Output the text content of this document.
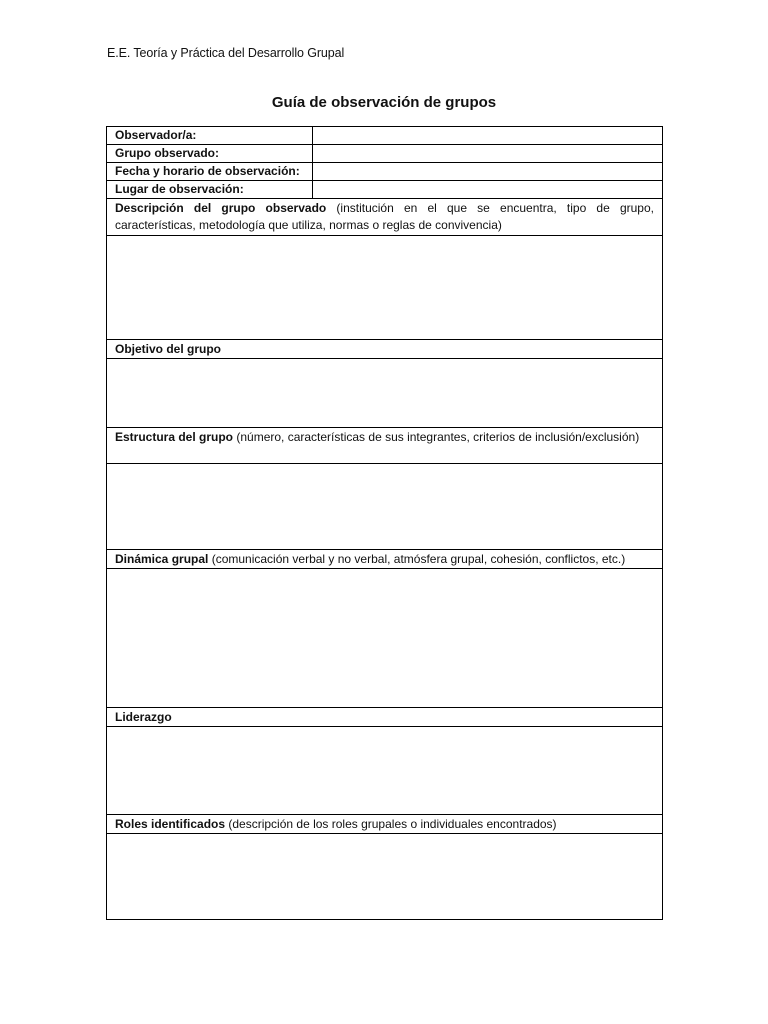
E.E. Teoría y Práctica del Desarrollo Grupal
Guía de observación de grupos
Observador/a:	
Grupo observado:	
Fecha y horario de observación:	
Lugar de observación:	
Descripción del grupo observado (institución en el que se encuentra, tipo de grupo, características, metodología que utiliza, normas o reglas de convivencia)	

Objetivo del grupo	

Estructura del grupo (número, características de sus integrantes, criterios de inclusión/exclusión)	

Dinámica grupal (comunicación verbal y no verbal, atmósfera grupal, cohesión, conflictos, etc.)	

Liderazgo	

Roles identificados (descripción de los roles grupales o individuales encontrados)	
